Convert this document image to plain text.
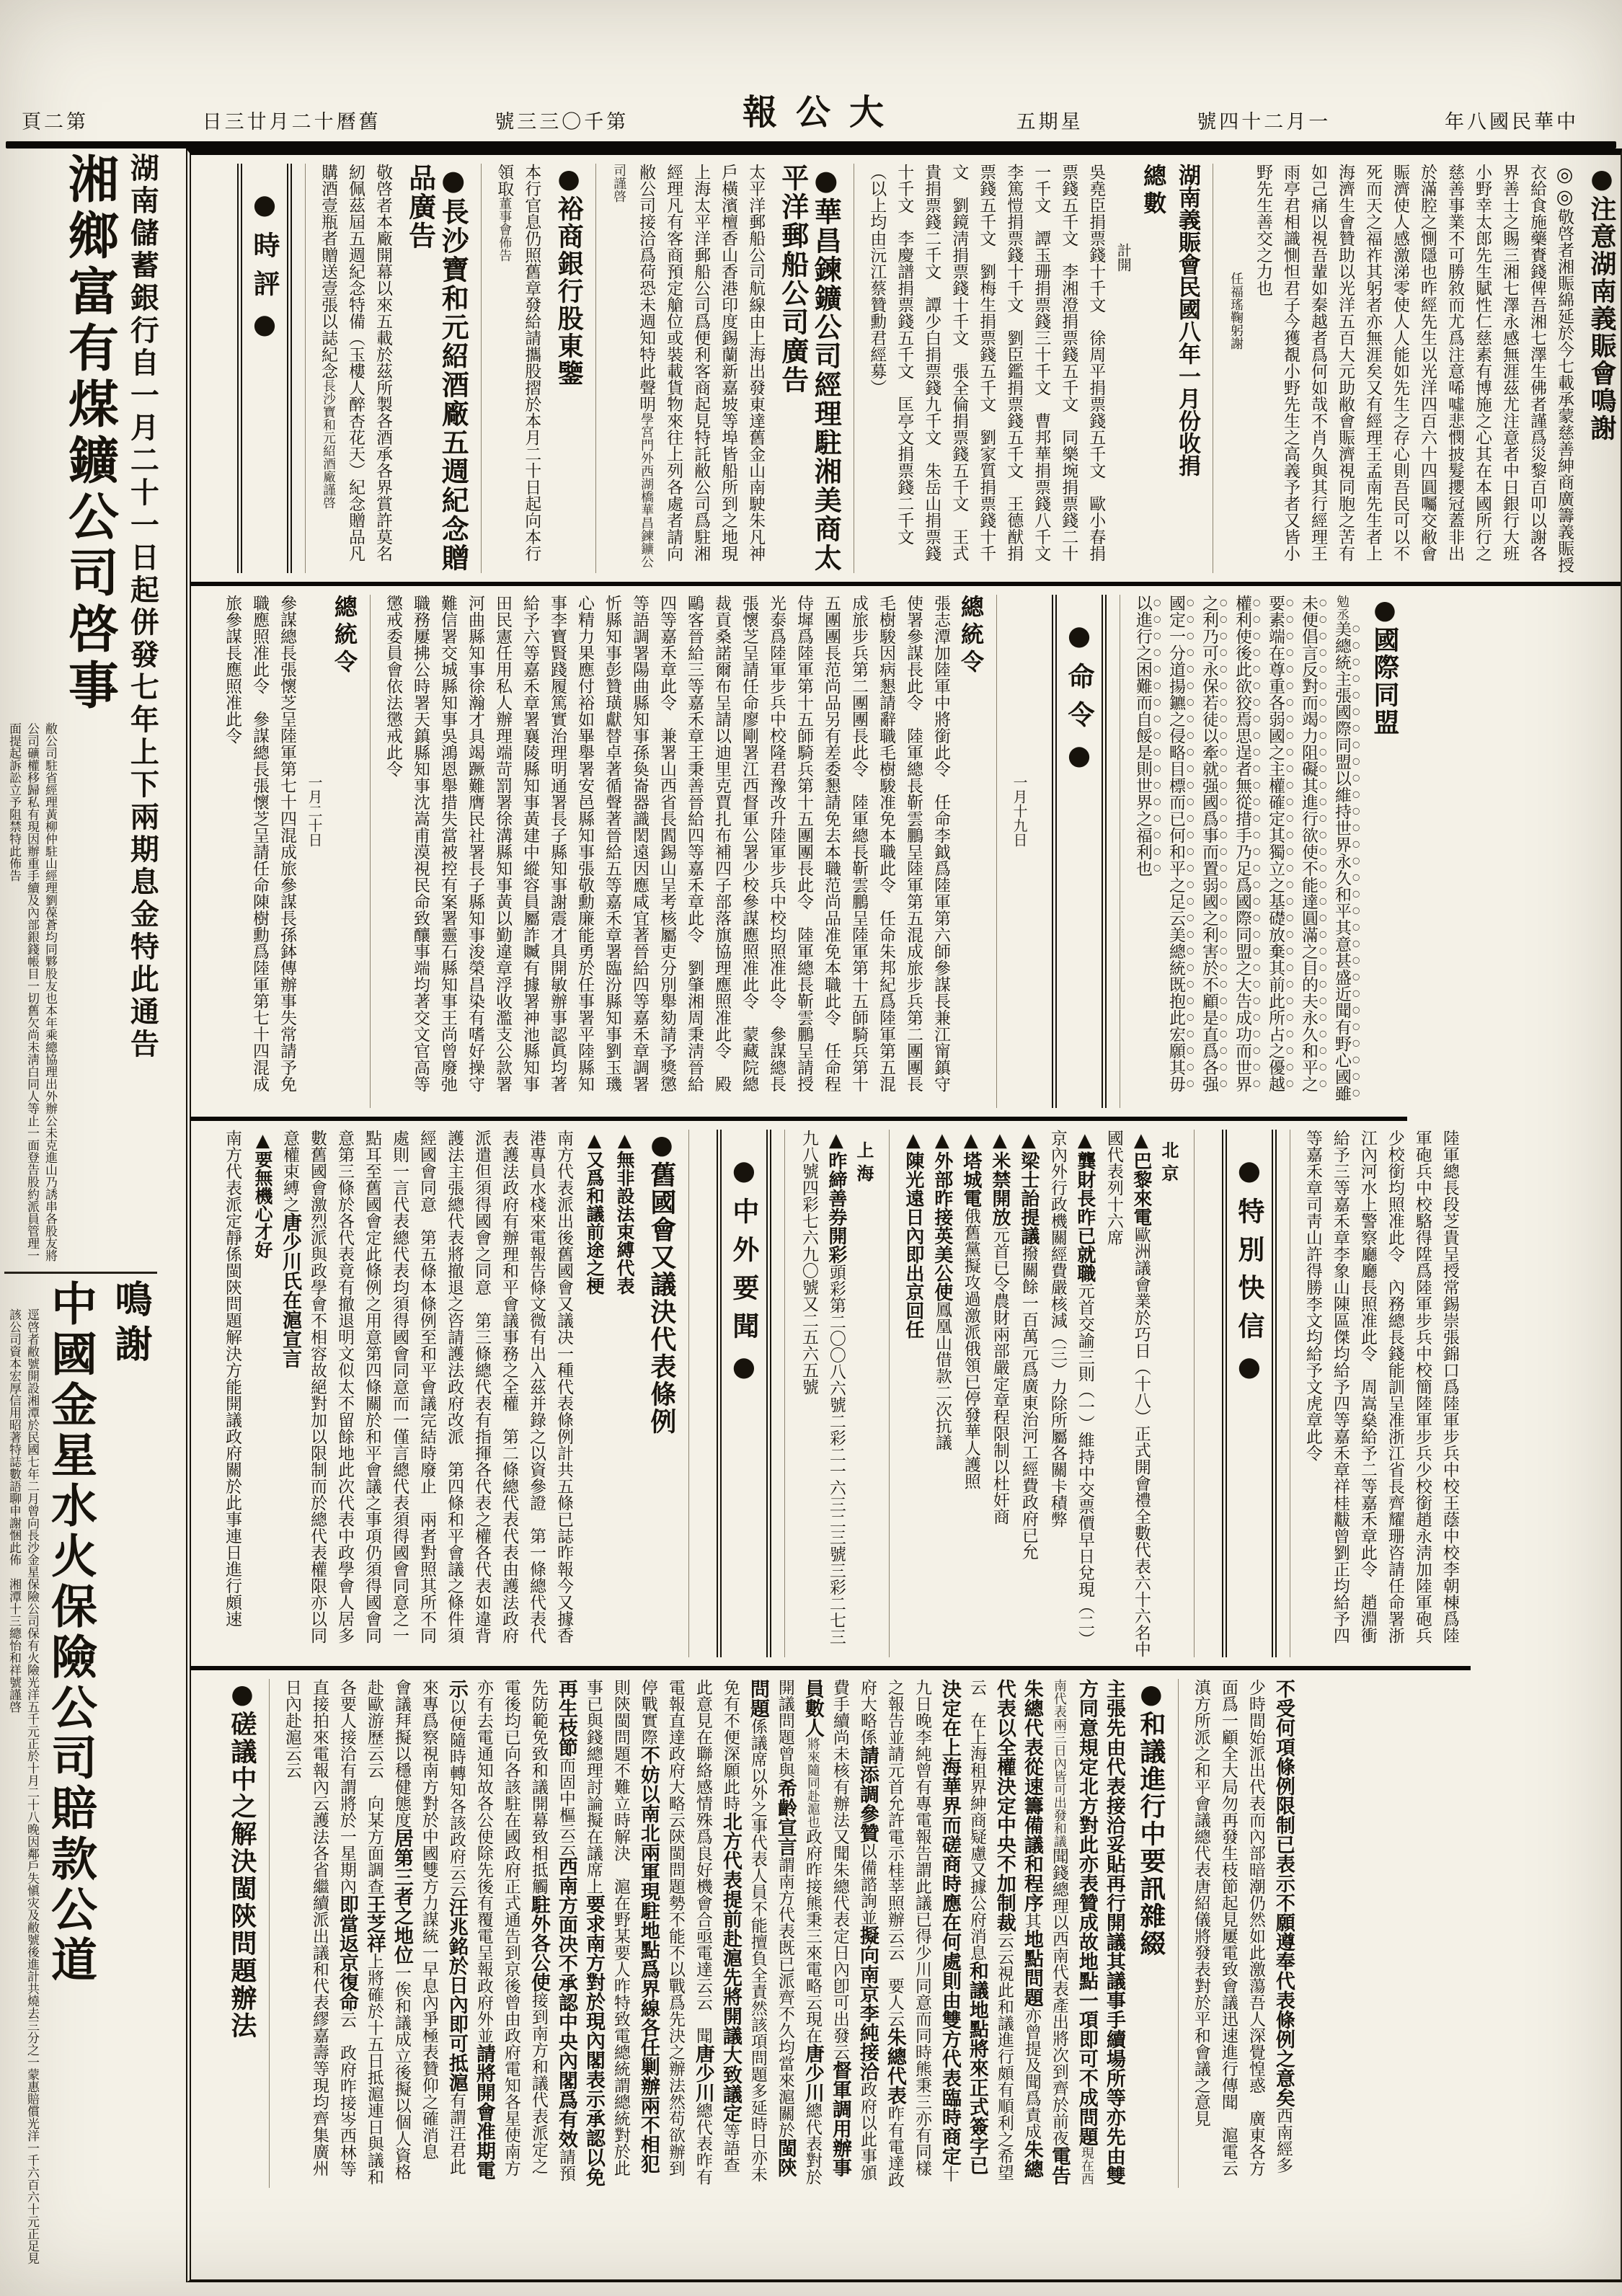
頁二第	日三廿月二十曆舊	號三三〇千第	報公大	五期星	號四十二月一	年八國民華中
湖南儲蓄銀行自一月二十一日起併發七年上下兩期息金特此通告
湘鄉富有煤鑛公司啓事
敝公司駐省經理黃柳仲駐山經理劉葆蒼均同夥股友也本年乘總協理出外辦公未克進山乃誘串各股友將公司礦權移歸私有現因辦重手續及內部銀錢帳目一切舊欠尚未淸白同人等止一面登告股約派員管理一面提起訴訟立予阻禁特此佈告
鳴謝
中國金星水火保險公司賠款公道
逕啓者敝號開設湘潭於民國七年二月曾向長沙金星保險公司保有火險光洋五千元正於十月二十八晚因鄰戶失愼灾及敝號後進計共燒去三分之一蒙惠賠償光洋一千六百六十元正足見該公司資本宏厚信用昭著特誌數語聊申謝悃此佈　湘潭十三總怡和祥號謹啓
●注意湖南義賑會鳴謝
◎◎敬啓者湘賑綿延於今七載承蒙慈善紳商廣籌義賑授衣給食施藥賚錢俾吾湘七澤生佛者謹爲災黎百叩以謝各界善士之賜三湘七澤永感無涯茲尤注意者中日銀行大班小野幸太郎先生賦性仁慈素有博施之心其在本國所行之慈善事業不可勝敘而尤爲注意唏噓悲憫披髮攖冠蓋非出於滿腔之惻隱也昨經先生以光洋四百六十四圓囑交敝會賑濟使人感激涕零使人人能如先生之存心則吾民可以不死而天之福祚其躬者亦無涯矣又有經理王孟南先生者上海濟生會贊助以光洋五百大元助敝會賑濟視同胞之苦有如己痛以視吾輩如秦越者爲何如哉不肖久與其行經理王雨亭君相識惻怛君子今獲覩小野先生之高義予者又皆小野先生善交之力也
任福瑤鞠躬謝
湖南義賑會民國八年一月份收捐
總數
計開
吳堯臣捐票錢十千文　徐周平捐票錢五千文　歐小春捐票錢五千文　李湘澄捐票錢五千文　同樂埦捐票錢二十一千文　譚玉珊捐票錢三十千文　曹邦華捐票錢八千文　李篤愷捐票錢十千文　劉臣鑑捐票錢五千文　王德猷捐票錢五千文　劉梅生捐票錢五千文　劉家質捐票錢十千文　劉鏡淸捐票錢十千文　張全倫捐票錢五千文　王式貴捐票錢二千文　譚少白捐票錢九千文　朱岳山捐票錢十千文　李慶譜捐票錢五千文　匡亭文捐票錢二千文（以上均由沅江蔡贊勳君經募）
●華昌鍊鑛公司經理駐湘美商太平洋郵船公司廣告
太平洋郵船公司航線由上海出發東達舊金山南駛朱凡神戶橫濱檀香山香港印度錫蘭新嘉坡等埠皆船所到之地現上海太平洋郵船公司爲便利客商起見特託敝公司爲駐湘經理凡有客商預定艙位或裝載貨物來往上列各處者請向敝公司接洽爲荷恐未週知特此聲明學宮門外西湖橋華昌鍊鑛公司謹啓
●裕商銀行股東鑒
本行官息仍照舊章發給請攜股摺於本月二十日起向本行領取董事會佈告
●長沙寶和元紹酒廠五週紀念贈品廣告
敬啓者本廠開幕以來五載於茲所製各酒承各界賞許莫名紉佩茲屆五週紀念特備（玉樓人醉杏花天）紀念贈品凡購酒壹瓶者贈送壹張以誌紀念長沙寶和元紹酒廠謹啓
●時評●
●國際同盟
勉丞美總統主張國際同盟以維持世界永久和平其意甚盛近聞有野心國雖未便倡言反對而竭力阻礙其進行欲使不能達圓滿之目的夫永久和平之要素端在尊重各弱國之主權確定其獨立之基礎放棄其前此所占之優越權利使後此欲狡焉思逞者無從措手乃足爲國際同盟之大告成功而世界之利乃可永保若徒以牽就强國爲事而置弱國之利害於不顧是直爲各强國定一分道揚鑣之侵略目標而已何和平之足云美總統既抱此宏願其毋以進行之困難而自餒是則世界之福利也
●命令●
一月十九日
總統令
張志潭加陸軍中將銜此令　任命李鉞爲陸軍第六師參謀長兼江甯鎮守使署參謀長此令　陸軍總長靳雲鵬呈陸軍第五混成旅步兵第二團團長毛樹駿因病懇請辭職毛樹駿准免本職此令　任命朱邦紀爲陸軍第五混成旅步兵第二團團長此令　陸軍總長靳雲鵬呈陸軍第十五師騎兵第十五團團長范尚品另有差委懇請免去本職范尚品准免本職此令　任命程侍墀爲陸軍第十五師騎兵第十五團團長此令　陸軍總長靳雲鵬呈請授光泰爲陸軍步兵中校隆君豫改升陸軍步兵中校均照准此令　參謀總長張懷芝呈請任命廖剛署江西督軍公署少校參謀應照准此令　蒙藏院總裁貢桑諾爾布呈請以迪里克賈扎布補四子部落旗協理應照准此令　殿鷗客晉給三等嘉禾章王秉善晉給四等嘉禾章此令　劉肇湘周秉淸晉給四等嘉禾章此令　兼署山西省長閻錫山呈考核屬吏分別舉劾請予獎懲等語調署陽曲縣知事孫奐崙器識閎遠因應咸宜著晉給四等嘉禾章調署忻縣知事彭贊璜獻替卓著循聲著晉給五等嘉禾章署臨汾縣知事劉玉璣心精力果應付裕如畢舉署安邑縣知事張敬勳廉能勇於任事署平陸縣知事李寶賢踐履篤實治理明通署長子縣知事謝震才具開敏辦事認眞均著給予六等嘉禾章署襄陵縣知事黃建中縱容員屬詐贓有據署神池縣知事田民憲任用私人辦理端苛罰署徐溝縣知事黃以勤違章浮收濫支公款署河曲縣知事徐瀚才具竭蹶難膺民社署長子縣知事浚榮昌染有嗜好操守難信署交城縣知事吳鴻恩舉措失當被控有案署靈石縣知事王尚曾廢弛職務屢拂公時署天鎮縣知事沈嵩甫漠視民命致釀事端均著交文官高等懲戒委員會依法懲戒此令
總統令
一月二十日
參謀總長張懷芝呈陸軍第七十四混成旅參謀長孫鉢傳辦事失常請予免職應照准此令　參謀總長張懷芝呈請任命陳樹勳爲陸軍第七十四混成旅參謀長應照准此令
陸軍總長段芝貴呈授常錫崇張錦口爲陸軍步兵中校王蔭中校李朝棟爲陸軍砲兵中校駱得陞爲陸軍步兵中校簡陸軍步兵少校銜趙永淸加陸軍砲兵少校銜均照准此令　內務總長錢能訓呈准浙江省長齊耀珊咨請任命署浙江內河水上警察廳廳長照准此令　周嵩燊給予二等嘉禾章此令　趙淵衝給予三等嘉禾章李象山陳區傑均給予四等嘉禾章祥桂黻曾劉正均給予四等嘉禾章司靑山許得勝李文均給予文虎章此令
●特別快信●
北京
▲巴黎來電歐洲議會業於巧日（十八）正式開會禮全數代表六十六名中國代表列十六席
▲龔財長昨已就職元首交諭三則（一）維持中交票價早日兌現（二）京內外行政機關經費嚴核減（三）力除所屬各關卡積弊
▲梁士詒提議撥關餘一百萬元爲廣東治河工經費政府已允
▲米禁開放元首已令農財兩部嚴定章程限制以杜奸商
▲塔城電俄舊黨擬攻過激派俄領已停發華人護照
▲外部昨接英美公使鳳凰山借款二次抗議
▲陳光遠日內即出京回任
上海
▲昨締善券開彩頭彩第二〇〇八六號二彩二一六三二三號三彩二七三九八號四彩七六九〇號又二五六五號
●中外要聞●
●舊國會又議決代表條例
▲無非設法束縛代表
▲又爲和議前途之梗
南方代表派出後舊國會又議决一種代表條例計共五條已誌昨報今又據香港專員水棧來電報告條文微有出入茲并錄之以資參證　第一條總代表代表護法政府有辦理和平會議事務之全權　第二條總代表代表由護法政府派遣但須得國會之同意　第三條總代表有指揮各代表之權各代表如違背護法主張總代表將撤退之咨請護法政府改派　第四條和平會議之條件須經國會同意　第五條本條例至和平會議完結時廢止　兩者對照其所不同處則一言代表總代表均須得國會同意而一僅言總代表須得國會同意之一點耳至舊國會定此條例之用意第四條關於和平會議之事項仍須得國會同意第三條於各代表竟有撤退明文似太不留餘地此次代表中政學會人居多數舊國會激烈派與政學會不相容故絕對加以限制而於總代表權限亦以同意權束縛之唐少川氏在滬宣言
▲要無機心才好
南方代表派定靜係閩陝問題解決方能開議政府關於此事連日進行頗速
不受何項條例限制已表示不願遵奉代表條例之意矣西南經多少時間始派出代表而內部暗潮仍然如此激蕩吾人深覺惶惑　廣東各方面爲一顧全大局勿再發生枝節起見屢電致會議迅速進行傳聞　滬電云滇方所派之和平會議總代表唐紹儀將發表對於平和會議之意見
●和議進行中要訊雜綴
主張先由代表接洽妥貼再行開議其議事手續場所等亦先由雙方同意規定北方對此亦表贊成故地點一項即可不成問題現在西南代表兩三日內皆可出發和議聞錢總理以西南代表產出將次到齊於前夜電告朱總代表從速籌備議和程序其地點問題亦曾提及聞爲責成朱總代表以全權決定中央不加制裁云云視此和議進行頗有順利之希望云　在上海租界紳商疑慮又據公府消息和議地點將來正式簽字已決定在上海華界而磋商時應在何處則由雙方代表臨時商定十九日晚李純曾有專電報告謂此議已得少川同意而同時熊秉三亦有同樣之報告並請元首允許電示桂莘照辦云云　要人云朱總代表昨有電達政府大略係請添調參贊以備諮詢並擬向南京李純接洽政府以此事頒費手續尚未核有辦法又聞朱總代表定日內卽可出發云督軍調用辦事員數人將來隨同赴滬也政府昨接熊秉三來電略云現在唐少川總代表對於開議問題曾與希齡宣言謂南方代表既已派齊不久均當來滬關於閩陝問題係議席以外之事代表人員不能擅負全責然該項問題多延時日亦未免有不便深願此時北方代表提前赴滬先將開議大致議定等語查此意見在聯絡感情殊爲良好機會合亟電達云云　聞唐少川總代表昨有電報直達政府大略云陝閩問題勢不能不以戰爲先決之辦法然苟欲辦到停戰實際不妨以南北兩軍現駐地點爲界線各任剿辦兩不相犯則陝閩問題不難立時解決　滬在野某要人昨特致電總統謂總統對於此事已與錢總理討論擬在議席上要求南方對於現內閣表示承認以免再生枝節而固中樞云云西南方面决不承認中央內閣爲有效請預先防範免致和議開幕致相抵觸駐外各公使接到南方和議代表派定之電後均已向各該駐在國政府正式通告到京後曾由政府電知各星使南方亦有去電通知故各公使除先後有覆電呈報政府外並請將開會准期電示以便隨時轉知各該政府云云汪兆銘於日內即可抵滬有謂汪君此來專爲察視南方對於中國雙方力謀統一早息內爭極表贊仰之確消息　會議拜擬以穩健態度居第三者之地位一俟和議成立後擬以個人資格赴歐游歷云云　向某方面調查王芝祥上將確於十五日抵滬連日與議和各要人接洽有謂將於一星期內即當返京復命云　政府昨接岑西林等直接拍來電報內云護法各省繼續派出議和代表繆嘉壽等現均齊集廣州日內赴滬云云
●磋議中之解決閩陝問題辦法
